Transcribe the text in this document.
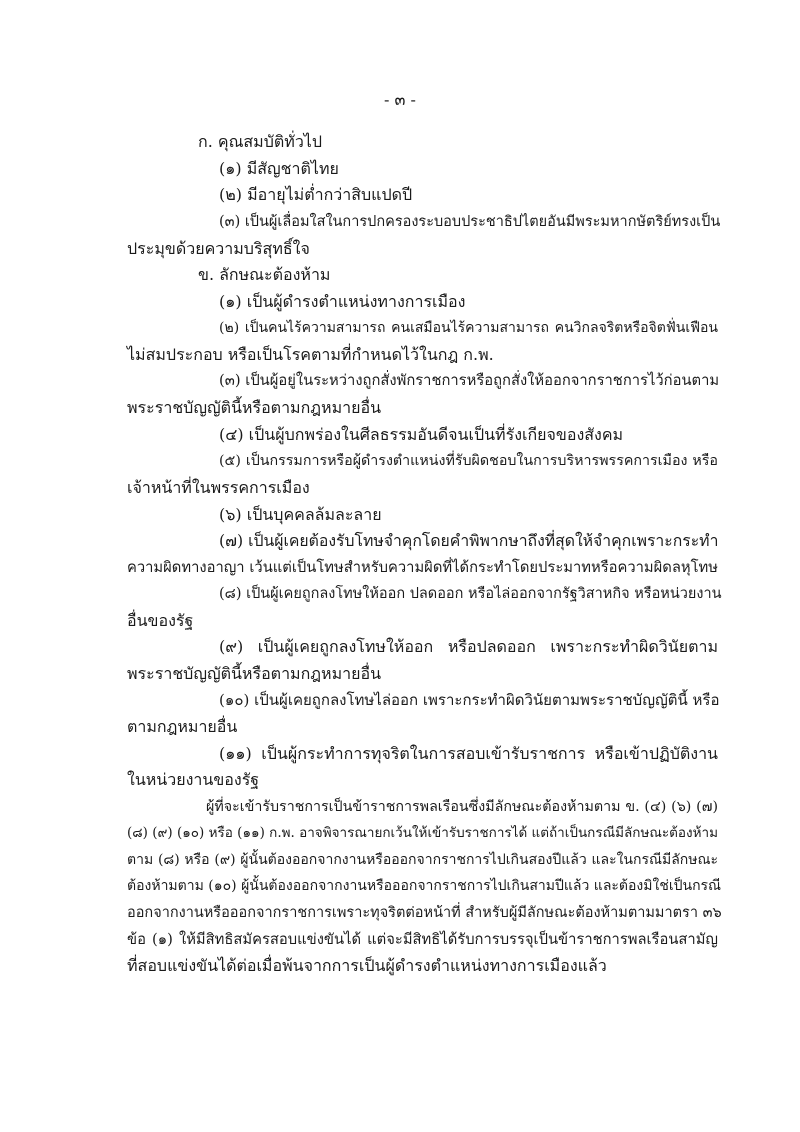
- ๓ -
ก. คุณสมบัติทั่วไป
(๑) มีสัญชาติไทย
(๒) มีอายุไม่ต่ำกว่าสิบแปดปี
(๓) เป็นผู้เลื่อมใสในการปกครองระบอบประชาธิปไตยอันมีพระมหากษัตริย์ทรงเป็น
ประมุขด้วยความบริสุทธิ์ใจ
ข. ลักษณะต้องห้าม
(๑) เป็นผู้ดำรงตำแหน่งทางการเมือง
(๒) เป็นคนไร้ความสามารถ คนเสมือนไร้ความสามารถ คนวิกลจริตหรือจิตฟั่นเฟือน
ไม่สมประกอบ หรือเป็นโรคตามที่กำหนดไว้ในกฎ ก.พ.
(๓) เป็นผู้อยู่ในระหว่างถูกสั่งพักราชการหรือถูกสั่งให้ออกจากราชการไว้ก่อนตาม
พระราชบัญญัตินี้หรือตามกฎหมายอื่น
(๔) เป็นผู้บกพร่องในศีลธรรมอันดีจนเป็นที่รังเกียจของสังคม
(๕) เป็นกรรมการหรือผู้ดำรงตำแหน่งที่รับผิดชอบในการบริหารพรรคการเมือง หรือ
เจ้าหน้าที่ในพรรคการเมือง
(๖) เป็นบุคคลล้มละลาย
(๗) เป็นผู้เคยต้องรับโทษจำคุกโดยคำพิพากษาถึงที่สุดให้จำคุกเพราะกระทำ
ความผิดทางอาญา เว้นแต่เป็นโทษสำหรับความผิดที่ได้กระทำโดยประมาทหรือความผิดลหุโทษ
(๘) เป็นผู้เคยถูกลงโทษให้ออก ปลดออก หรือไล่ออกจากรัฐวิสาหกิจ หรือหน่วยงาน
อื่นของรัฐ
(๙) เป็นผู้เคยถูกลงโทษให้ออก หรือปลดออก เพราะกระทำผิดวินัยตาม
พระราชบัญญัตินี้หรือตามกฎหมายอื่น
(๑๐) เป็นผู้เคยถูกลงโทษไล่ออก เพราะกระทำผิดวินัยตามพระราชบัญญัตินี้ หรือ
ตามกฎหมายอื่น
(๑๑) เป็นผู้กระทำการทุจริตในการสอบเข้ารับราชการ หรือเข้าปฏิบัติงาน
ในหน่วยงานของรัฐ
ผู้ที่จะเข้ารับราชการเป็นข้าราชการพลเรือนซึ่งมีลักษณะต้องห้ามตาม ข. (๔) (๖) (๗)
(๘) (๙) (๑๐) หรือ (๑๑) ก.พ. อาจพิจารณายกเว้นให้เข้ารับราชการได้ แต่ถ้าเป็นกรณีมีลักษณะต้องห้าม
ตาม (๘) หรือ (๙) ผู้นั้นต้องออกจากงานหรือออกจากราชการไปเกินสองปีแล้ว และในกรณีมีลักษณะ
ต้องห้ามตาม (๑๐) ผู้นั้นต้องออกจากงานหรือออกจากราชการไปเกินสามปีแล้ว และต้องมิใช่เป็นกรณี
ออกจากงานหรือออกจากราชการเพราะทุจริตต่อหน้าที่ สำหรับผู้มีลักษณะต้องห้ามตามมาตรา ๓๖
ข้อ (๑) ให้มีสิทธิสมัครสอบแข่งขันได้ แต่จะมีสิทธิได้รับการบรรจุเป็นข้าราชการพลเรือนสามัญ
ที่สอบแข่งขันได้ต่อเมื่อพ้นจากการเป็นผู้ดำรงตำแหน่งทางการเมืองแล้ว
